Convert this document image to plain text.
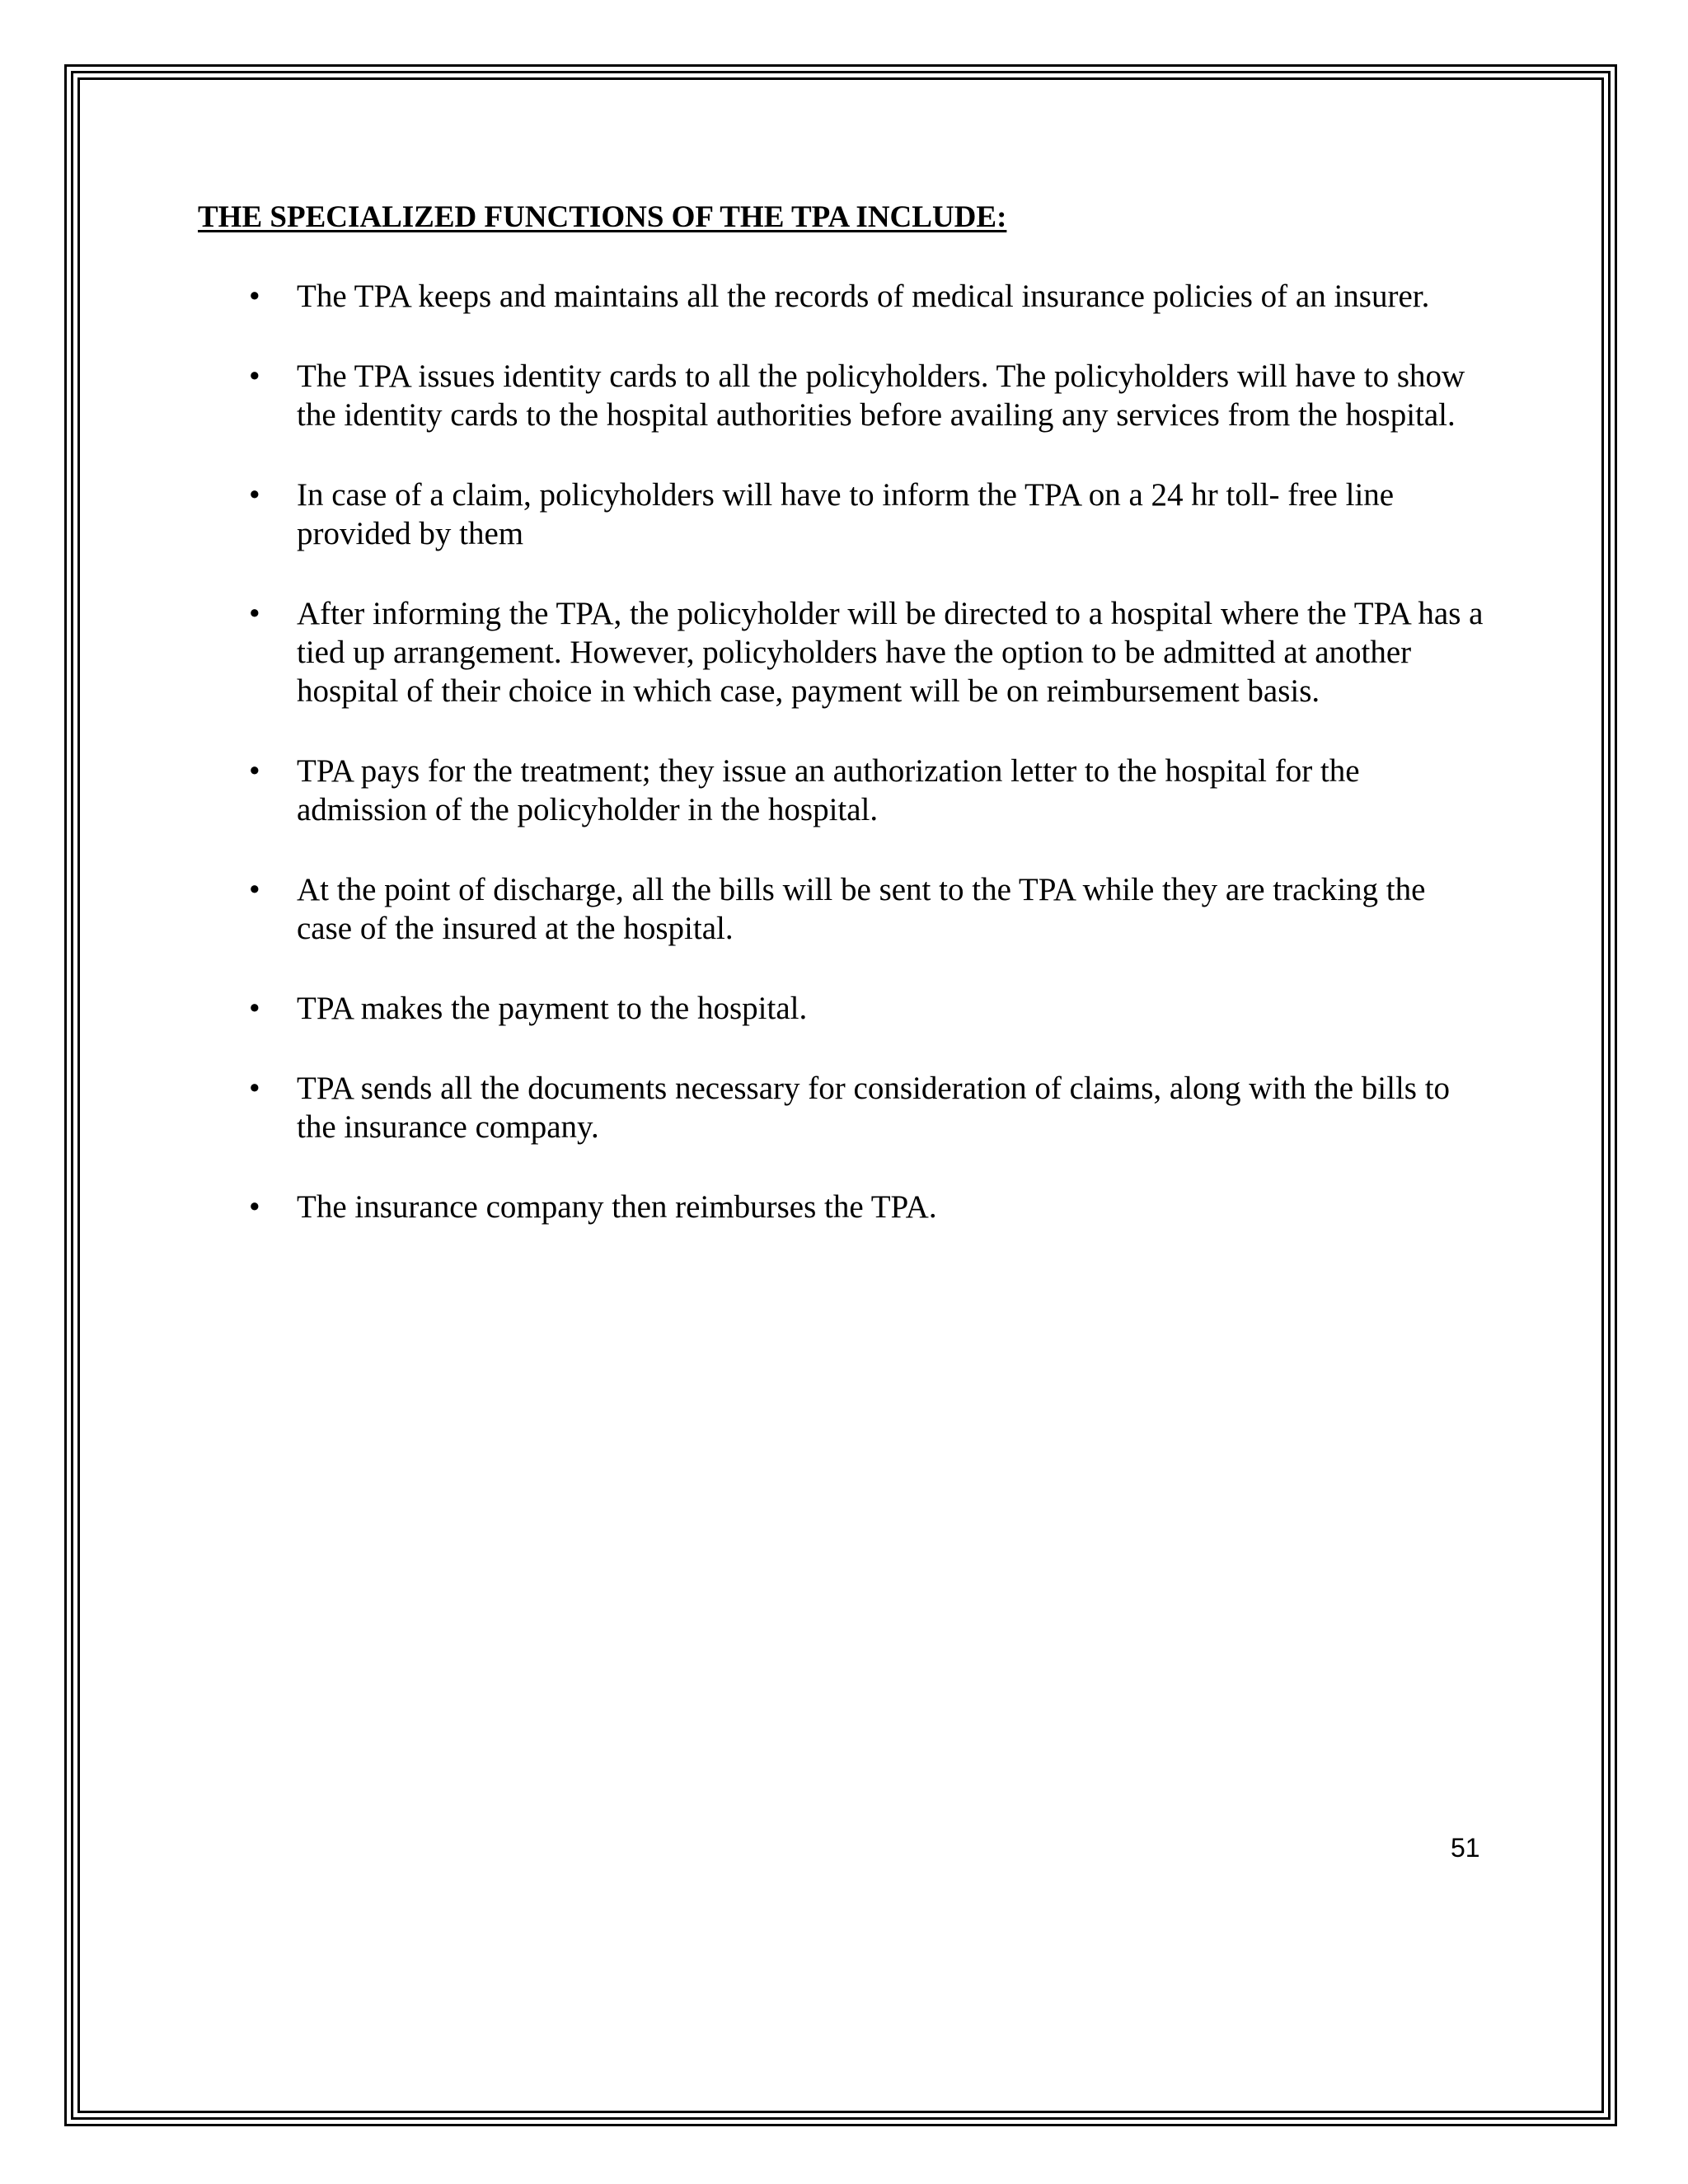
THE SPECIALIZED FUNCTIONS OF THE TPA INCLUDE:
• The TPA keeps and maintains all the records of medical insurance policies of an insurer.
• The TPA issues identity cards to all the policyholders. The policyholders will have to show the identity cards to the hospital authorities before availing any services from the hospital.
• In case of a claim, policyholders will have to inform the TPA on a 24 hr toll- free line provided by them
• After informing the TPA, the policyholder will be directed to a hospital where the TPA has a tied up arrangement. However, policyholders have the option to be admitted at another hospital of their choice in which case, payment will be on reimbursement basis.
• TPA pays for the treatment; they issue an authorization letter to the hospital for the admission of the policyholder in the hospital.
• At the point of discharge, all the bills will be sent to the TPA while they are tracking the case of the insured at the hospital.
• TPA makes the payment to the hospital.
• TPA sends all the documents necessary for consideration of claims, along with the bills to the insurance company.
• The insurance company then reimburses the TPA.
51
